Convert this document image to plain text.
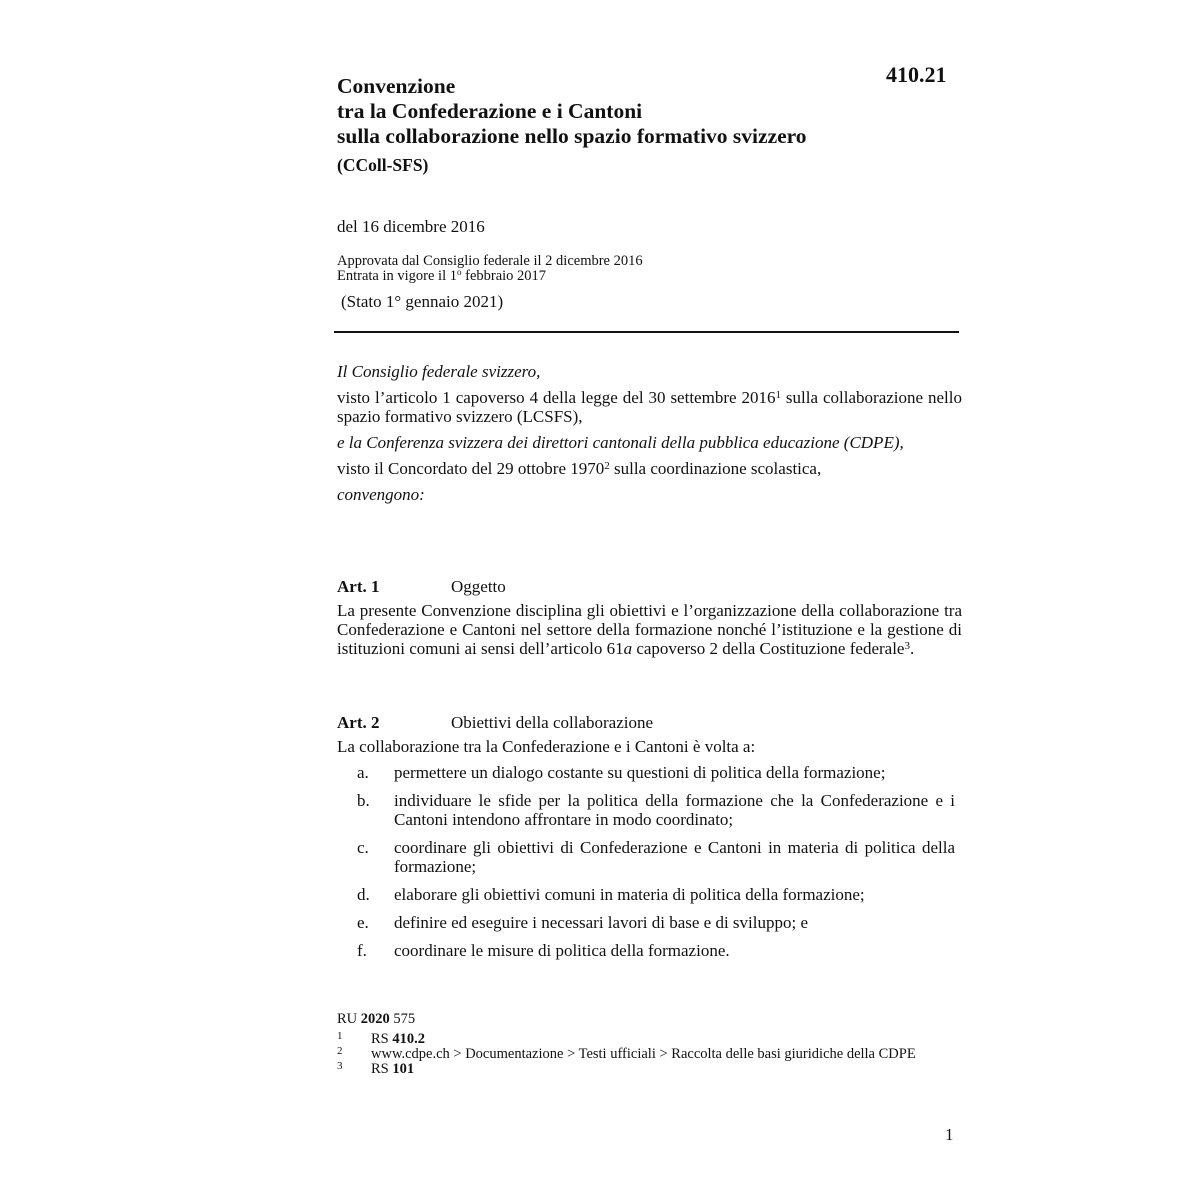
410.21
Convenzione
tra la Confederazione e i Cantoni
sulla collaborazione nello spazio formativo svizzero
(CColl-SFS)
del 16 dicembre 2016
Approvata dal Consiglio federale il 2 dicembre 2016
Entrata in vigore il 1$^o$ febbraio 2017
(Stato 1° gennaio 2021)

Il Consiglio federale svizzero,

visto l’articolo 1 capoverso 4 della legge del 30 settembre 2016$^1$ sulla collaborazione nello spazio formativo svizzero (LCSFS),

e la Conferenza svizzera dei direttori cantonali della pubblica educazione (CDPE),

visto il Concordato del 29 ottobre 1970$^2$ sulla coordinazione scolastica,

convengono:

Art. 1	Oggetto

La presente Convenzione disciplina gli obiettivi e l’organizzazione della collaborazione tra Confederazione e Cantoni nel settore della formazione nonché l’istituzione e la gestione di istituzioni comuni ai sensi dell’articolo 61a capoverso 2 della Costituzione federale$^3$.

Art. 2	Obiettivi della collaborazione
La collaborazione tra la Confederazione e i Cantoni è volta a:
a.	permettere un dialogo costante su questioni di politica della formazione;
b.	individuare le sfide per la politica della formazione che la Confederazione e i Cantoni intendono affrontare in modo coordinato;
c.	coordinare gli obiettivi di Confederazione e Cantoni in materia di politica della formazione;
d.	elaborare gli obiettivi comuni in materia di politica della formazione;
e.	definire ed eseguire i necessari lavori di base e di sviluppo; e
f.	coordinare le misure di politica della formazione.
RU 2020 575
1	RS 410.2
2	www.cdpe.ch > Documentazione > Testi ufficiali > Raccolta delle basi giuridiche della CDPE
3	RS 101
1
